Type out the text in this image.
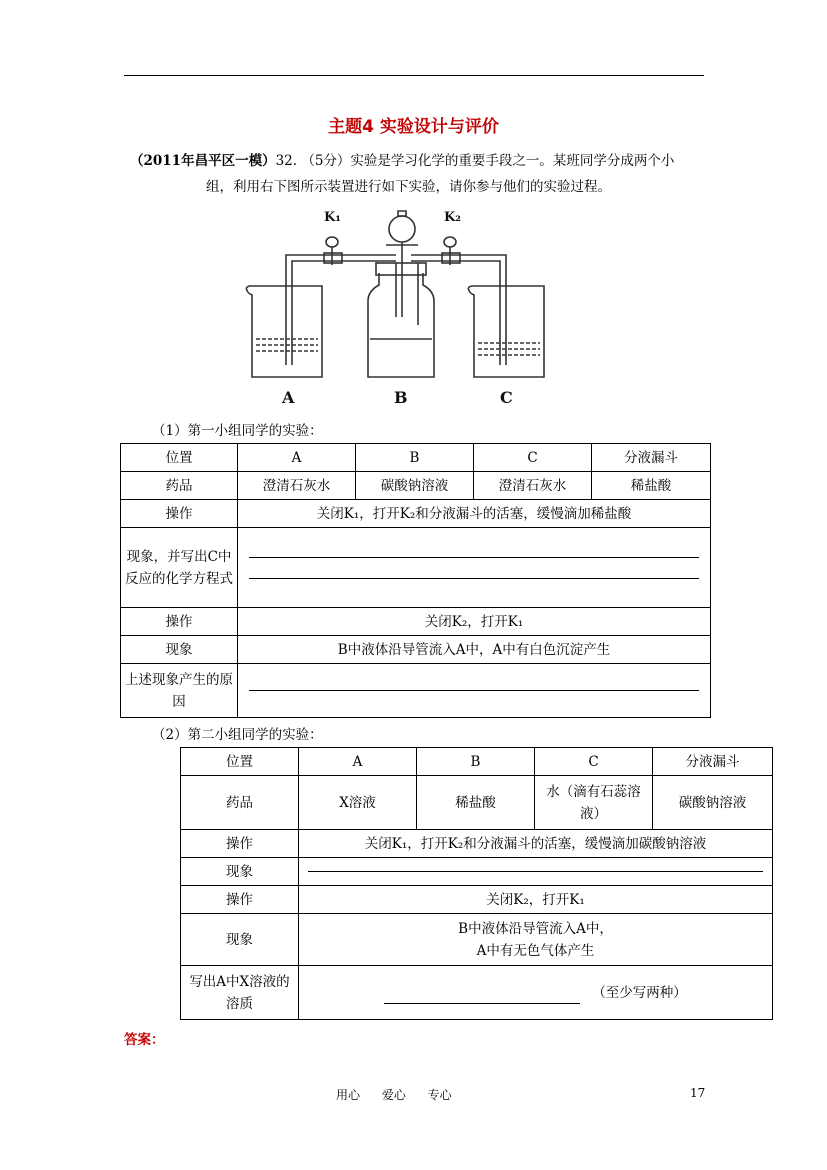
主题4 实验设计与评价
（2011年昌平区一模）32. （5分）实验是学习化学的重要手段之一。某班同学分成两个小
组，利用右下图所示装置进行如下实验，请你参与他们的实验过程。
A	B	C
K₁	K₂
（1）第一小组同学的实验：
位置	A	B	C	分液漏斗
药品	澄清石灰水	碳酸钠溶液	澄清石灰水	稀盐酸
操作	关闭K₁，打开K₂和分液漏斗的活塞，缓慢滴加稀盐酸			
现象，并写出C中反应的化学方程式				

操作	关闭K₂，打开K₁			
现象	B中液体沿导管流入A中，A中有白色沉淀产生			
上述现象产生的原因				
（2）第二小组同学的实验：
位置	A	B	C	分液漏斗
药品	X溶液	稀盐酸	水（滴有石蕊溶液）	碳酸钠溶液
操作	关闭K₁，打开K₂和分液漏斗的活塞，缓慢滴加碳酸钠溶液			
现象				

操作	关闭K₂，打开K₁			
现象	B中液体沿导管流入A中，
A中有无色气体产生			

写出A中X溶液的溶质	（至少写两种）			
答案：
用心 爱心 专心	17
